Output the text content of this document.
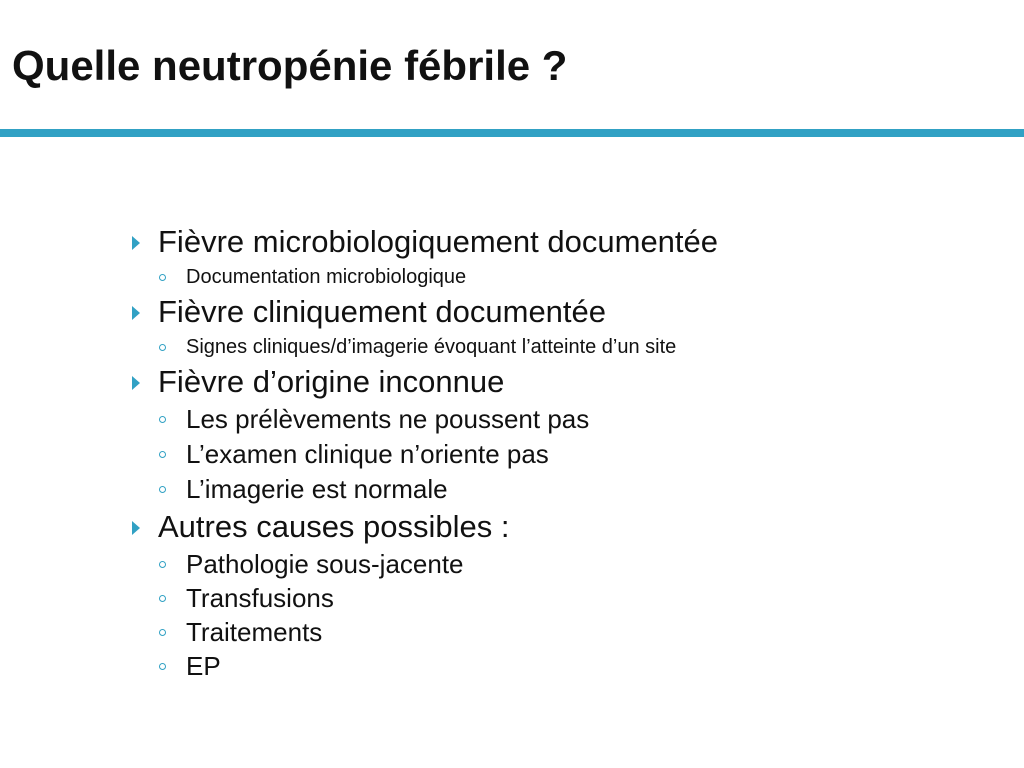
Quelle neutropénie fébrile ?
Fièvre microbiologiquement documentée
Documentation microbiologique
Fièvre cliniquement documentée
Signes cliniques/d’imagerie évoquant l’atteinte d’un site
Fièvre d’origine inconnue
Les prélèvements ne poussent pas
L’examen clinique n’oriente pas
L’imagerie est normale
Autres causes possibles :
Pathologie sous-jacente
Transfusions
Traitements
EP
